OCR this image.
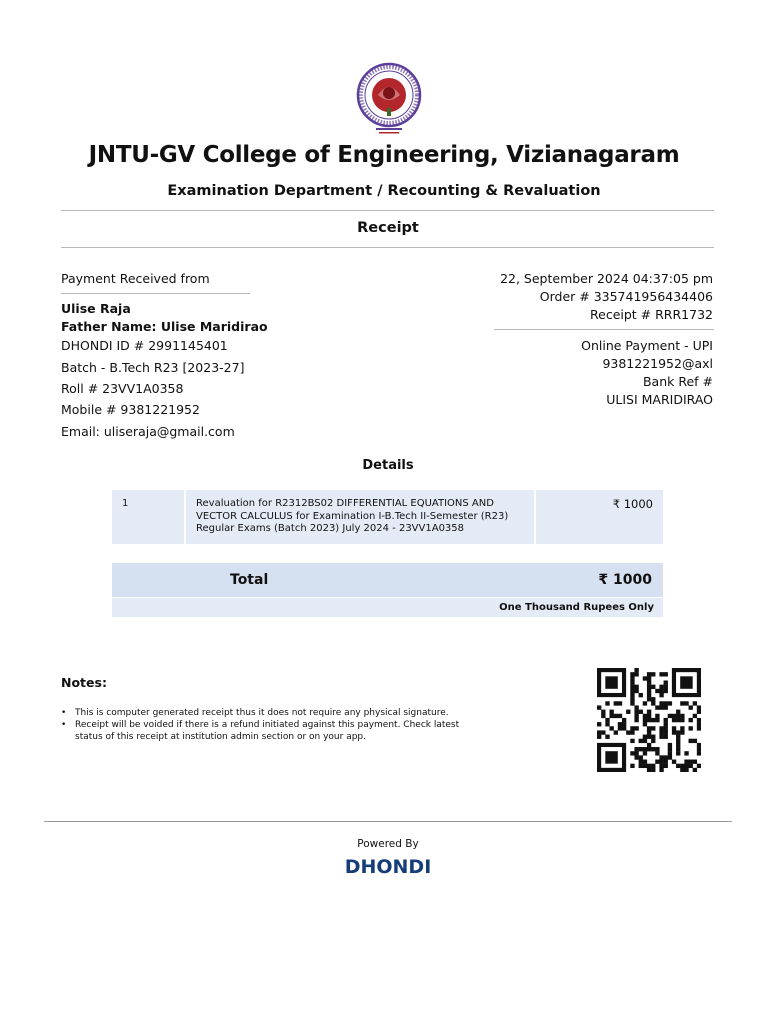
JNTU-GV College of Engineering, Vizianagaram
Examination Department / Recounting & Revaluation
Receipt
Payment Received from
Ulise Raja
Father Name: Ulise Maridirao
DHONDI ID # 2991145401
Batch - B.Tech R23 [2023-27]
Roll # 23VV1A0358
Mobile # 9381221952
Email: uliseraja@gmail.com
22, September 2024 04:37:05 pm
Order # 335741956434406
Receipt # RRR1732
Online Payment - UPI
9381221952@axl
Bank Ref #
ULISI MARIDIRAO
Details
1	Revaluation for R2312BS02 DIFFERENTIAL EQUATIONS AND VECTOR CALCULUS for Examination I-B.Tech II-Semester (R23) Regular Exams (Batch 2023) July 2024 - 23VV1A0358	₹ 1000
Total	₹ 1000
One Thousand Rupees Only
Notes:
• This is computer generated receipt thus it does not require any physical signature.
• Receipt will be voided if there is a refund initiated against this payment. Check latest status of this receipt at institution admin section or on your app.
Powered By
DHONDI
